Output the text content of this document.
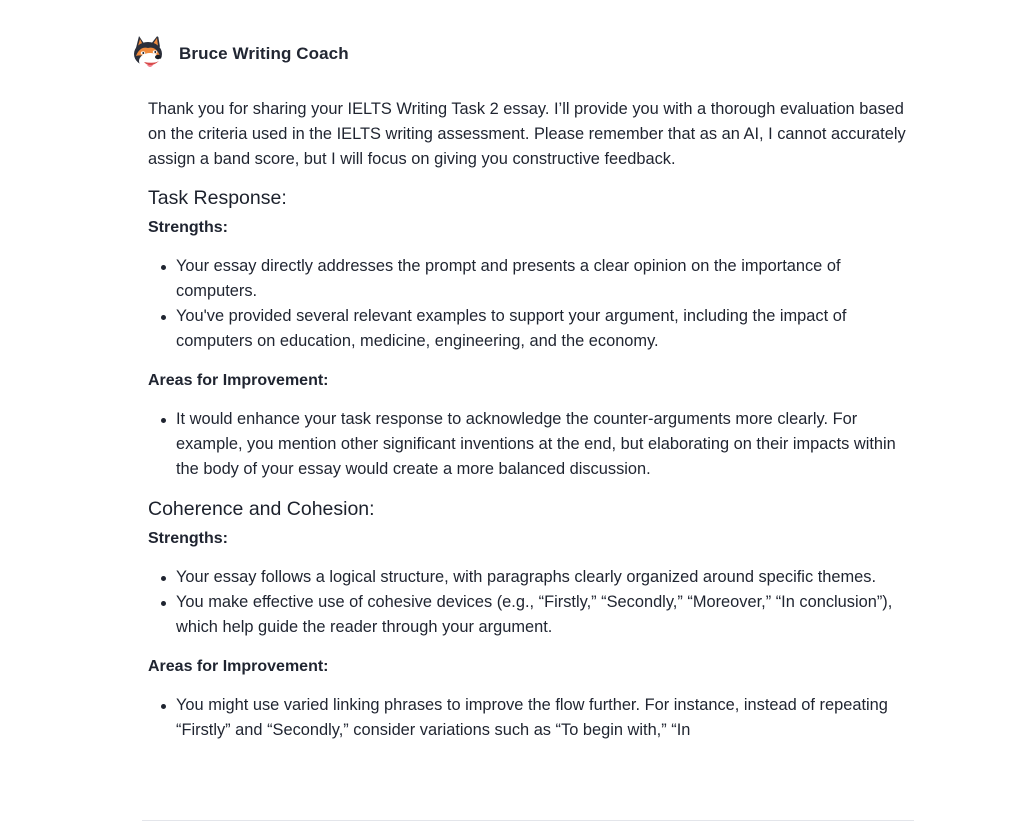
Bruce Writing Coach

Thank you for sharing your IELTS Writing Task 2 essay. I’ll provide you with a thorough evaluation based on the criteria used in the IELTS writing assessment. Please remember that as an AI, I cannot accurately assign a band score, but I will focus on giving you constructive feedback.

Task Response:

Strengths:

Your essay directly addresses the prompt and presents a clear opinion on the importance of computers.
You've provided several relevant examples to support your argument, including the impact of computers on education, medicine, engineering, and the economy.

Areas for Improvement:

It would enhance your task response to acknowledge the counter-arguments more clearly. For example, you mention other significant inventions at the end, but elaborating on their impacts within the body of your essay would create a more balanced discussion.
Coherence and Cohesion:

Strengths:

Your essay follows a logical structure, with paragraphs clearly organized around specific themes.
You make effective use of cohesive devices (e.g., “Firstly,” “Secondly,” “Moreover,” “In conclusion”), which help guide the reader through your argument.

Areas for Improvement:

You might use varied linking phrases to improve the flow further. For instance, instead of repeating “Firstly” and “Secondly,” consider variations such as “To begin with,” “In
